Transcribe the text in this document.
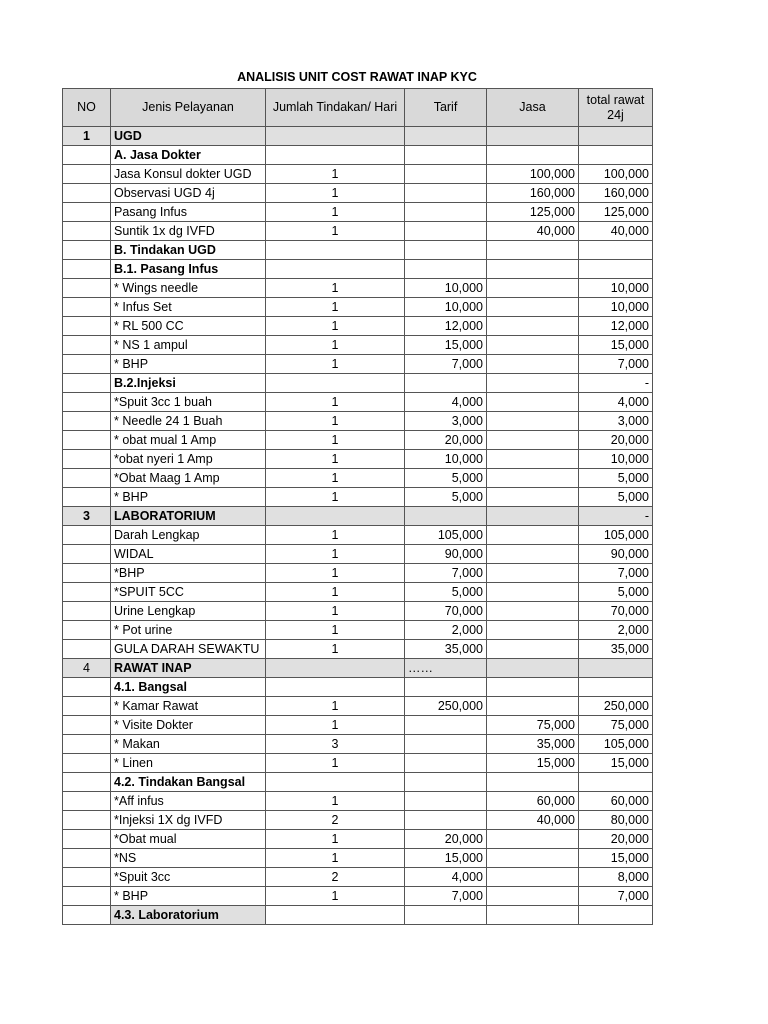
ANALISIS UNIT COST RAWAT INAP KYC
NO	Jenis Pelayanan	Jumlah Tindakan/ Hari	Tarif	Jasa	total rawat 24j
1	UGD				
	A. Jasa Dokter				
	Jasa Konsul dokter UGD	1		100,000	100,000
	Observasi UGD 4j	1		160,000	160,000
	Pasang Infus	1		125,000	125,000
	Suntik 1x dg IVFD	1		40,000	40,000
	B. Tindakan UGD				
	B.1. Pasang Infus				
	* Wings needle	1	10,000		10,000
	* Infus Set	1	10,000		10,000
	* RL 500 CC	1	12,000		12,000
	* NS 1 ampul	1	15,000		15,000
	* BHP	1	7,000		7,000
	B.2.Injeksi				-
	*Spuit 3cc 1 buah	1	4,000		4,000
	* Needle 24 1 Buah	1	3,000		3,000
	* obat mual 1 Amp	1	20,000		20,000
	*obat nyeri 1 Amp	1	10,000		10,000
	*Obat Maag 1 Amp	1	5,000		5,000
	* BHP	1	5,000		5,000
3	LABORATORIUM				-
	Darah Lengkap	1	105,000		105,000
	WIDAL	1	90,000		90,000
	*BHP	1	7,000		7,000
	*SPUIT 5CC	1	5,000		5,000
	Urine Lengkap	1	70,000		70,000
	* Pot urine	1	2,000		2,000
	GULA DARAH SEWAKTU	1	35,000		35,000
4	RAWAT INAP		……		
	4.1. Bangsal				
	* Kamar Rawat	1	250,000		250,000
	* Visite Dokter	1		75,000	75,000
	* Makan	3		35,000	105,000
	* Linen	1		15,000	15,000
	4.2. Tindakan Bangsal				
	*Aff infus	1		60,000	60,000
	*Injeksi 1X dg IVFD	2		40,000	80,000
	*Obat mual	1	20,000		20,000
	*NS	1	15,000		15,000
	*Spuit 3cc	2	4,000		8,000
	* BHP	1	7,000		7,000
	4.3. Laboratorium				
